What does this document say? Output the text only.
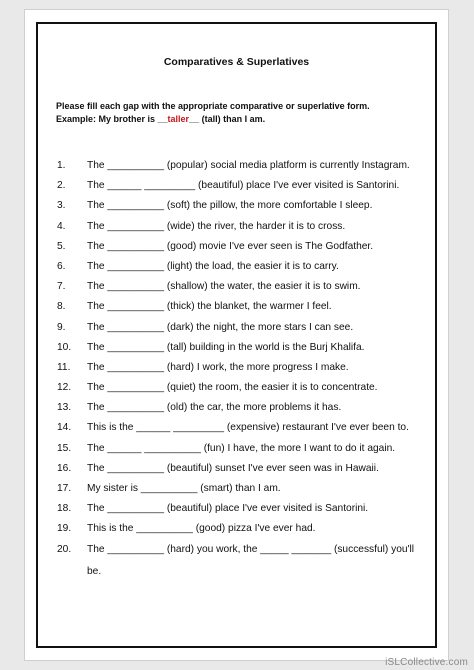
Comparatives & Superlatives
Please fill each gap with the appropriate comparative or superlative form.
Example: My brother is __taller__ (tall) than I am.
1.	The __________ (popular) social media platform is currently Instagram.
2.	The ______ _________ (beautiful) place I've ever visited is Santorini.
3.	The __________ (soft) the pillow, the more comfortable I sleep.
4.	The __________ (wide) the river, the harder it is to cross.
5.	The __________ (good) movie I've ever seen is The Godfather.
6.	The __________ (light) the load, the easier it is to carry.
7.	The __________ (shallow) the water, the easier it is to swim.
8.	The __________ (thick) the blanket, the warmer I feel.
9.	The __________ (dark) the night, the more stars I can see.
10.	The __________ (tall) building in the world is the Burj Khalifa.
11.	The __________ (hard) I work, the more progress I make.
12.	The __________ (quiet) the room, the easier it is to concentrate.
13.	The __________ (old) the car, the more problems it has.
14.	This is the ______ _________ (expensive) restaurant I've ever been to.
15.	The ______ __________ (fun) I have, the more I want to do it again.
16.	The __________ (beautiful) sunset I've ever seen was in Hawaii.
17.	My sister is __________ (smart) than I am.
18.	The __________ (beautiful) place I've ever visited is Santorini.
19.	This is the __________ (good) pizza I've ever had.
20.	The __________ (hard) you work, the _____ _______ (successful) you'll
be.
iSLCollective.com
